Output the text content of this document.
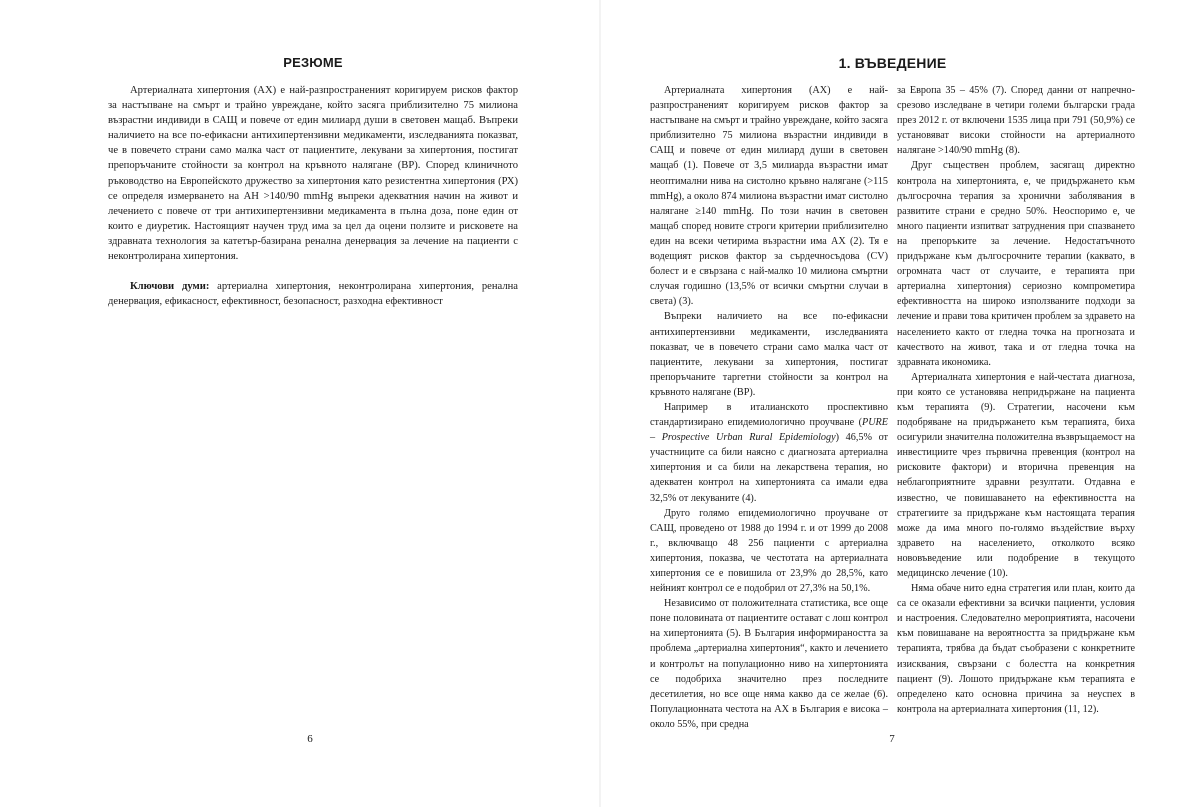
РЕЗЮМЕ

Артериалната хипертония (АХ) е най-разпространеният коригируем рисков фактор за настъпване на смърт и трайно увреждане, който засяга приблизително 75 милиона възрастни индивиди в САЩ и повече от един милиард души в световен мащаб. Въпреки наличието на все по-ефикасни антихипертензивни медикаменти, изследванията показват, че в повечето страни само малка част от пациентите, лекувани за хипертония, постигат препоръчаните стойности за контрол на кръвното налягане (BP). Според клиничното ръководство на Европейското дружество за хипертония като резистентна хипертония (РХ) се определя измерването на АН >140/90 mmHg въпреки адекватния начин на живот и лечението с повече от три антихипертензивни медикамента в пълна доза, поне един от които е диуретик. Настоящият научен труд има за цел да оцени ползите и рисковете на здравната технология за катетър-базирана ренална денервация за лечение на пациенти с неконтролирана хипертония.

Ключови думи: артериална хипертония, неконтролирана хипертония, ренална денервация, ефикасност, ефективност, безопасност, разходна ефективност

6
1. ВЪВЕДЕНИЕ

Артериалната хипертония (АХ) е най-разпространеният коригируем рисков фактор за настъпване на смърт и трайно увреждане, който засяга приблизително 75 милиона възрастни индивиди в САЩ и повече от един милиард души в световен мащаб (1). Повече от 3,5 милиарда възрастни имат неоптимални нива на систолно кръвно налягане (>115 mmHg), а около 874 милиона възрастни имат систолно налягане ≥140 mmHg. По този начин в световен мащаб според новите строги критерии приблизително един на всеки четирима възрастни има АХ (2). Тя е водещият рисков фактор за сърдечносъдова (CV) болест и е свързана с най-малко 10 милиона смъртни случая годишно (13,5% от всички смъртни случаи в света) (3).

Въпреки наличието на все по-ефикасни антихипертензивни медикаменти, изследванията показват, че в повечето страни само малка част от пациентите, лекувани за хипертония, постигат препоръчаните таргетни стойности за контрол на кръвното налягане (BP).

Например в италианското проспективно стандартизирано епидемиологично проучване (PURE – Prospective Urban Rural Epidemiology) 46,5% от участниците са били наясно с диагнозата артериална хипертония и са били на лекарствена терапия, но адекватен контрол на хипертонията са имали едва 32,5% от лекуваните (4).

Друго голямо епидемиологично проучване от САЩ, проведено от 1988 до 1994 г. и от 1999 до 2008 г., включващо 48 256 пациенти с артериална хипертония, показва, че честотата на артериалната хипертония се е повишила от 23,9% до 28,5%, като нейният контрол се е подобрил от 27,3% на 50,1%.

Независимо от положителната статистика, все още поне половината от пациентите остават с лош контрол на хипертонията (5). В България информираността за проблема „артериална хипертония“, както и лечението и контролът на популационно ниво на хипертонията се подобриха значително през последните десетилетия, но все още няма какво да се желае (6). Популационната честота на АХ в България е висока – около 55%, при средна

за Европа 35 – 45% (7). Според данни от напречно-срезово изследване в четири големи български града през 2012 г. от включени 1535 лица при 791 (50,9%) се установяват високи стойности на артериалното налягане >140/90 mmHg (8).

Друг съществен проблем, засягащ директно контрола на хипертонията, е, че придържането към дългосрочна терапия за хронични заболявания в развитите страни е средно 50%. Неоспоримо е, че много пациенти изпитват затруднения при спазването на препоръките за лечение. Недостатъчното придържане към дългосрочните терапии (каквато, в огромната част от случаите, е терапията при артериална хипертония) сериозно компрометира ефективността на широко използваните подходи за лечение и прави това критичен проблем за здравето на населението както от гледна точка на прогнозата и качеството на живот, така и от гледна точка на здравната икономика.

Артериалната хипертония е най-честата диагноза, при която се установява непридържане на пациента към терапията (9). Стратегии, насочени към подобряване на придържането към терапията, биха осигурили значителна положителна възвръщаемост на инвестициите чрез първична превенция (контрол на рисковите фактори) и вторична превенция на неблагоприятните здравни резултати. Отдавна е известно, че повишаването на ефективността на стратегиите за придържане към настоящата терапия може да има много по-голямо въздействие върху здравето на населението, отколкото всяко нововъведение или подобрение в текущото медицинско лечение (10).

Няма обаче нито една стратегия или план, които да са се оказали ефективни за всички пациенти, условия и настроения. Следователно мероприятията, насочени към повишаване на вероятността за придържане към терапията, трябва да бъдат съобразени с конкретните изисквания, свързани с болестта на конкретния пациент (9). Лошото придържане към терапията е определено като основна причина за неуспех в контрола на артериалната хипертония (11, 12).

7
